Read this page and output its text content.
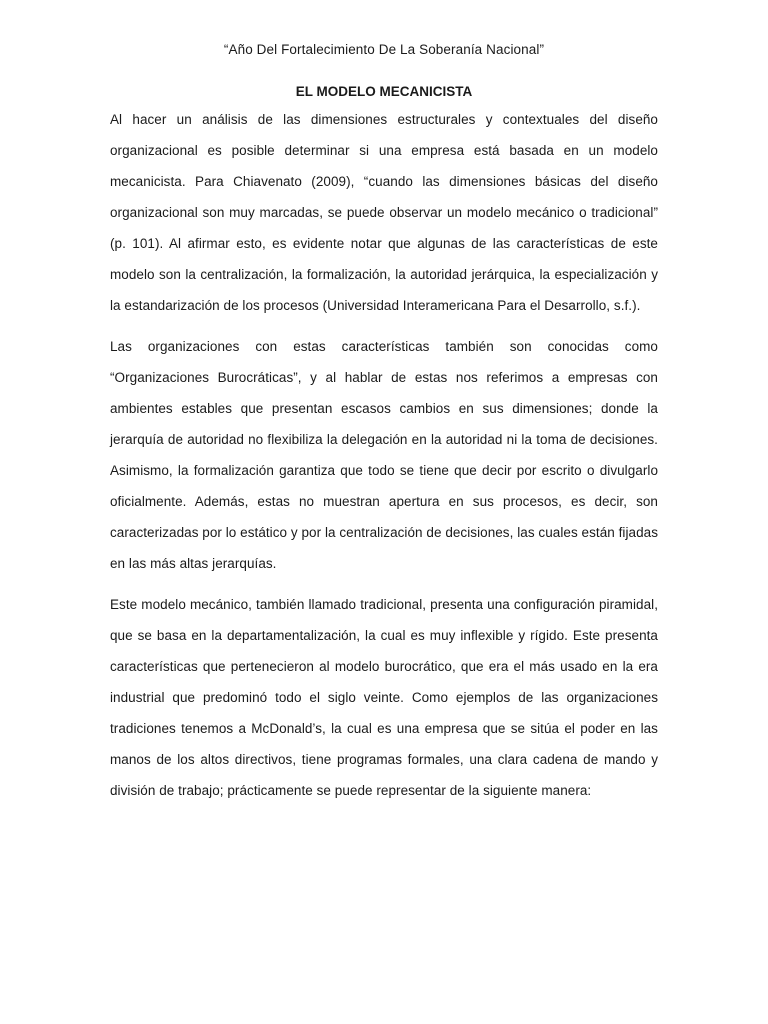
“Año Del Fortalecimiento De La Soberanía Nacional”
EL MODELO MECANICISTA

Al hacer un análisis de las dimensiones estructurales y contextuales del diseño organizacional es posible determinar si una empresa está basada en un modelo mecanicista. Para Chiavenato (2009), “cuando las dimensiones básicas del diseño organizacional son muy marcadas, se puede observar un modelo mecánico o tradicional” (p. 101). Al afirmar esto, es evidente notar que algunas de las características de este modelo son la centralización, la formalización, la autoridad jerárquica, la especialización y la estandarización de los procesos (Universidad Interamericana Para el Desarrollo, s.f.).

Las organizaciones con estas características también son conocidas como “Organizaciones Burocráticas”, y al hablar de estas nos referimos a empresas con ambientes estables que presentan escasos cambios en sus dimensiones; donde la jerarquía de autoridad no flexibiliza la delegación en la autoridad ni la toma de decisiones. Asimismo, la formalización garantiza que todo se tiene que decir por escrito o divulgarlo oficialmente. Además, estas no muestran apertura en sus procesos, es decir, son caracterizadas por lo estático y por la centralización de decisiones, las cuales están fijadas en las más altas jerarquías.

Este modelo mecánico, también llamado tradicional, presenta una configuración piramidal, que se basa en la departamentalización, la cual es muy inflexible y rígido. Este presenta características que pertenecieron al modelo burocrático, que era el más usado en la era industrial que predominó todo el siglo veinte. Como ejemplos de las organizaciones tradiciones tenemos a McDonald’s, la cual es una empresa que se sitúa el poder en las manos de los altos directivos, tiene programas formales, una clara cadena de mando y división de trabajo; prácticamente se puede representar de la siguiente manera:
